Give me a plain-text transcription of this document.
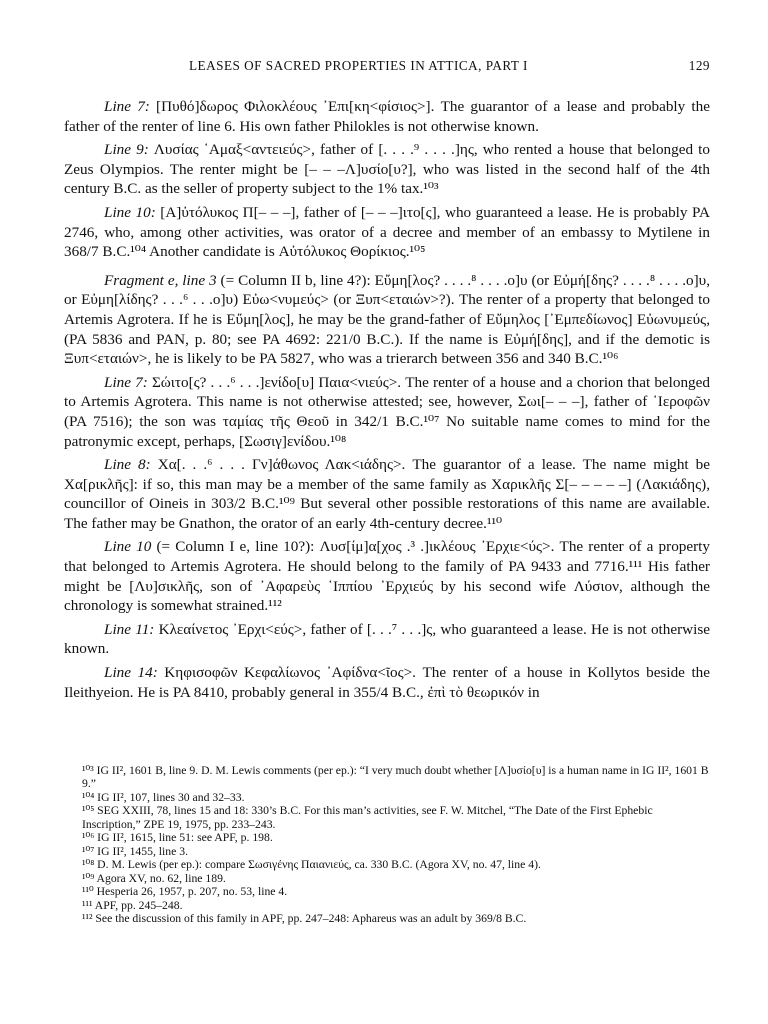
LEASES OF SACRED PROPERTIES IN ATTICA, PART I	129

Line 7: [Πυθό]δωρος Φιλοκλέους ᾿Επι[κη<φίσιος>]. The guarantor of a lease and probably the father of the renter of line 6. His own father Philokles is not otherwise known.

Line 9: Λυσίας ῾Αμαξ<αντειεύς>, father of [. . . .⁹ . . . .]ης, who rented a house that belonged to Zeus Olympios. The renter might be [– – –Λ]υσίο[υ?], who was listed in the second half of the 4th century B.C. as the seller of property subject to the 1% tax.¹⁰³

Line 10: [Α]ὐτόλυκος Π[– – –], father of [– – –]ιτο[ς], who guaranteed a lease. He is probably PA 2746, who, among other activities, was orator of a decree and member of an embassy to Mytilene in 368/7 B.C.¹⁰⁴ Another candidate is Αὐτόλυκος Θορίκιος.¹⁰⁵

Fragment e, line 3 (= Column II b, line 4?): Εὔμη[λος? . . . .⁸ . . . .ο]υ (or Εὐμή[δης? . . . .⁸ . . . .ο]υ, or Εὐμη[λίδης? . . .⁶ . . .ο]υ) Εὐω<νυμεύς> (or Ξυπ<εταιών>?). The renter of a property that belonged to Artemis Agrotera. If he is Εὔμη[λος], he may be the grand-father of Εὔμηλος [᾿Εμπεδίωνος] Εὐωνυμεύς, (PA 5836 and PAN, p. 80; see PA 4692: 221/0 B.C.). If the name is Εὐμή[δης], and if the demotic is Ξυπ<εταιών>, he is likely to be PA 5827, who was a trierarch between 356 and 340 B.C.¹⁰⁶

Line 7: Σώιτο[ς? . . .⁶ . . .]ενίδο[υ] Παια<νιεύς>. The renter of a house and a chorion that belonged to Artemis Agrotera. This name is not otherwise attested; see, however, Σωι[– – –], father of ῾Ιεροφῶν (PA 7516); the son was ταμίας τῆς Θεοῦ in 342/1 B.C.¹⁰⁷ No suitable name comes to mind for the patronymic except, perhaps, [Σωσιγ]ενίδου.¹⁰⁸

Line 8: Χα[. . .⁶ . . . Γν]άθωνος Λακ<ιάδης>. The guarantor of a lease. The name might be Χα[ρικλῆς]: if so, this man may be a member of the same family as Χαρικλῆς Σ[– – – – –] (Λακιάδης), councillor of Oineis in 303/2 B.C.¹⁰⁹ But several other possible restorations of this name are available. The father may be Gnathon, the orator of an early 4th-century decree.¹¹⁰

Line 10 (= Column I e, line 10?): Λυσ[ίμ]α[χος .³ .]ικλέους ᾿Ερχιε<ύς>. The renter of a property that belonged to Artemis Agrotera. He should belong to the family of PA 9433 and 7716.¹¹¹ His father might be [Λυ]σικλῆς, son of ᾿Αφαρεὺς ῾Ιππίου ᾿Ερχιεύς by his second wife Λύσιον, although the chronology is somewhat strained.¹¹²

Line 11: Κλεαίνετος ᾿Ερχι<εύς>, father of [. . .⁷ . . .]ς, who guaranteed a lease. He is not otherwise known.

Line 14: Κηφισοφῶν Κεφαλίωνος ᾿Αφίδνα<ῖος>. The renter of a house in Kollytos beside the Ileithyeion. He is PA 8410, probably general in 355/4 B.C., ἐπὶ τὸ θεωρικόν in

¹⁰³ IG II², 1601 B, line 9. D. M. Lewis comments (per ep.): “I very much doubt whether [Λ]υσίο[υ] is a human name in IG II², 1601 B 9.”

¹⁰⁴ IG II², 107, lines 30 and 32–33.

¹⁰⁵ SEG XXIII, 78, lines 15 and 18: 330’s B.C. For this man’s activities, see F. W. Mitchel, “The Date of the First Ephebic Inscription,” ZPE 19, 1975, pp. 233–243.

¹⁰⁶ IG II², 1615, line 51: see APF, p. 198.

¹⁰⁷ IG II², 1455, line 3.

¹⁰⁸ D. M. Lewis (per ep.): compare Σωσιγένης Παιανιεύς, ca. 330 B.C. (Agora XV, no. 47, line 4).

¹⁰⁹ Agora XV, no. 62, line 189.

¹¹⁰ Hesperia 26, 1957, p. 207, no. 53, line 4.

¹¹¹ APF, pp. 245–248.

¹¹² See the discussion of this family in APF, pp. 247–248: Aphareus was an adult by 369/8 B.C.
